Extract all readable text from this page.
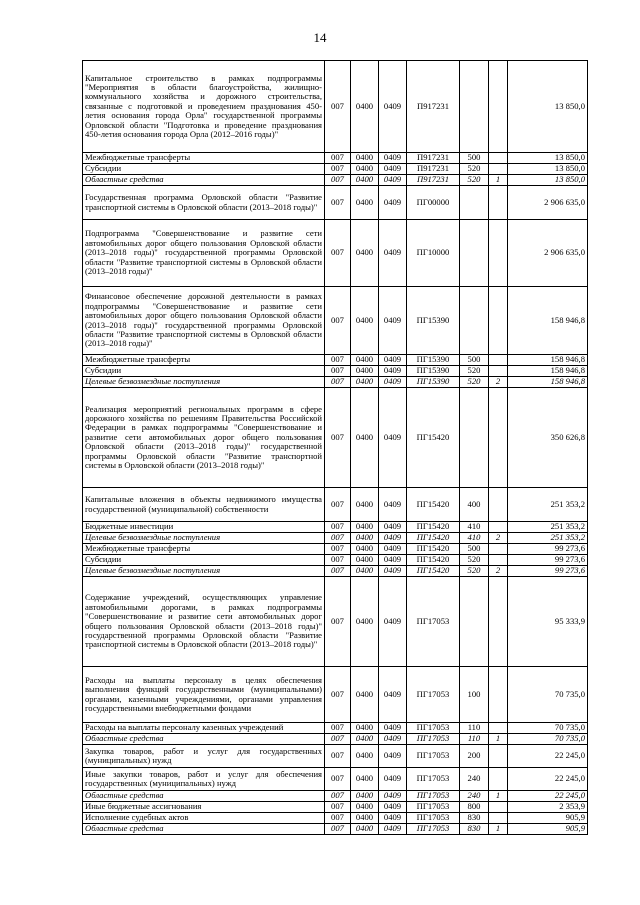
14
Капитальное строительство в рамках подпрограммы "Мероприятия в области благоустройства, жилищно-коммунального хозяйства и дорожного строительства, связанные с подготовкой и проведением празднования 450-летия основания города Орла" государственной программы Орловской области "Подготовка и проведение празднования 450-летия основания города Орла (2012–2016 годы)"	007	0400	0409	П917231			13 850,0
Межбюджетные трансферты	007	0400	0409	П917231	500		13 850,0
Субсидии	007	0400	0409	П917231	520		13 850,0
Областные средства	007	0400	0409	П917231	520	1	13 850,0
Государственная программа Орловской области "Развитие транспортной системы в Орловской области (2013–2018 годы)"	007	0400	0409	ПГ00000			2 906 635,0
Подпрограмма "Совершенствование и развитие сети автомобильных дорог общего пользования Орловской области (2013–2018 годы)" государственной программы Орловской области "Развитие транспортной системы в Орловской области (2013–2018 годы)"	007	0400	0409	ПГ10000			2 906 635,0
Финансовое обеспечение дорожной деятельности в рамках подпрограммы "Совершенствование и развитие сети автомобильных дорог общего пользования Орловской области (2013–2018 годы)" государственной программы Орловской области "Развитие транспортной системы в Орловской области (2013–2018 годы)"	007	0400	0409	ПГ15390			158 946,8
Межбюджетные трансферты	007	0400	0409	ПГ15390	500		158 946,8
Субсидии	007	0400	0409	ПГ15390	520		158 946,8
Целевые безвозмездные поступления	007	0400	0409	ПГ15390	520	2	158 946,8
Реализация мероприятий региональных программ в сфере дорожного хозяйства по решениям Правительства Российской Федерации в рамках подпрограммы "Совершенствование и развитие сети автомобильных дорог общего пользования Орловской области (2013–2018 годы)" государственной программы Орловской области "Развитие транспортной системы в Орловской области (2013–2018 годы)"	007	0400	0409	ПГ15420			350 626,8
Капитальные вложения в объекты недвижимого имущества государственной (муниципальной) собственности	007	0400	0409	ПГ15420	400		251 353,2
Бюджетные инвестиции	007	0400	0409	ПГ15420	410		251 353,2
Целевые безвозмездные поступления	007	0400	0409	ПГ15420	410	2	251 353,2
Межбюджетные трансферты	007	0400	0409	ПГ15420	500		99 273,6
Субсидии	007	0400	0409	ПГ15420	520		99 273,6
Целевые безвозмездные поступления	007	0400	0409	ПГ15420	520	2	99 273,6
Содержание учреждений, осуществляющих управление автомобильными дорогами, в рамках подпрограммы "Совершенствование и развитие сети автомобильных дорог общего пользования Орловской области (2013–2018 годы)" государственной программы Орловской области "Развитие транспортной системы в Орловской области (2013–2018 годы)"	007	0400	0409	ПГ17053			95 333,9
Расходы на выплаты персоналу в целях обеспечения выполнения функций государственными (муниципальными) органами, казенными учреждениями, органами управления государственными внебюджетными фондами	007	0400	0409	ПГ17053	100		70 735,0
Расходы на выплаты персоналу казенных учреждений	007	0400	0409	ПГ17053	110		70 735,0
Областные средства	007	0400	0409	ПГ17053	110	1	70 735,0
Закупка товаров, работ и услуг для государственных (муниципальных) нужд	007	0400	0409	ПГ17053	200		22 245,0
Иные закупки товаров, работ и услуг для обеспечения государственных (муниципальных) нужд	007	0400	0409	ПГ17053	240		22 245,0
Областные средства	007	0400	0409	ПГ17053	240	1	22 245,0
Иные бюджетные ассигнования	007	0400	0409	ПГ17053	800		2 353,9
Исполнение судебных актов	007	0400	0409	ПГ17053	830		905,9
Областные средства	007	0400	0409	ПГ17053	830	1	905,9
